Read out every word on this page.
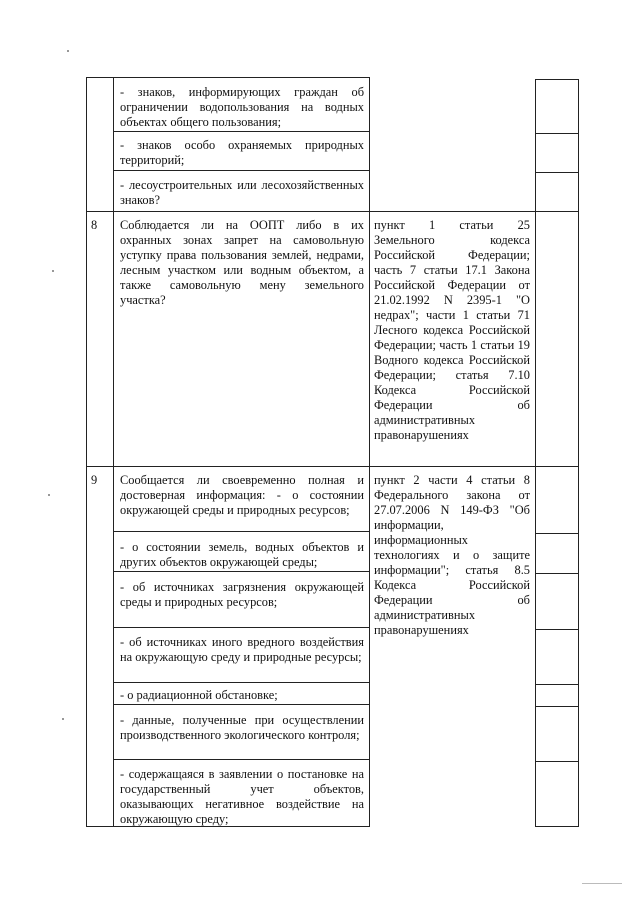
- знаков, информирующих граждан об ограничении водопользования на водных объектах общего пользования;
- знаков особо охраняемых природных территорий;
- лесоустроительных или лесохозяйственных знаков?
8 Соблюдается ли на ООПТ либо в их охранных зонах запрет на самовольную уступку права пользования землей, недрами, лесным участком или водным объектом, а также самовольную мену земельного участка?
пункт 1 статьи 25 Земельного кодекса Российской Федерации; часть 7 статьи 17.1 Закона Российской Федерации от 21.02.1992 N 2395-1 "О недрах"; части 1 статьи 71 Лесного кодекса Российской Федерации; часть 1 статьи 19 Водного кодекса Российской Федерации; статья 7.10 Кодекса Российской Федерации об административных правонарушениях
9 Сообщается ли своевременно полная и достоверная информация: - о состоянии окружающей среды и природных ресурсов;
- о состоянии земель, водных объектов и других объектов окружающей среды;
- об источниках загрязнения окружающей среды и природных ресурсов;
- об источниках иного вредного воздействия на окружающую среду и природные ресурсы;
- о радиационной обстановке;
- данные, полученные при осуществлении производственного экологического контроля;
- содержащаяся в заявлении о постановке на государственный учет объектов, оказывающих негативное воздействие на окружающую среду;
пункт 2 части 4 статьи 8 Федерального закона от 27.07.2006 N 149-ФЗ "Об информации, информационных технологиях и о защите информации"; статья 8.5 Кодекса Российской Федерации об административных правонарушениях
